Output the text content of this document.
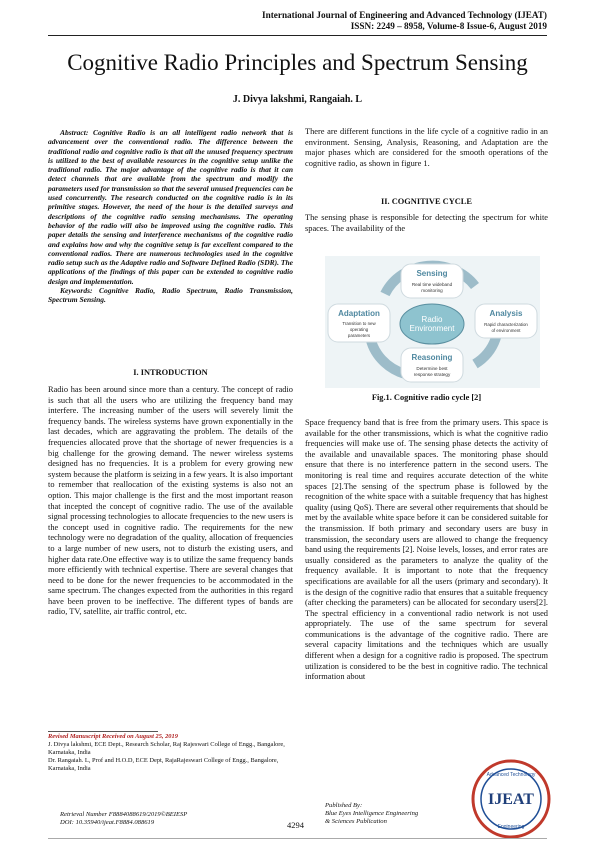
International Journal of Engineering and Advanced Technology (IJEAT)
ISSN: 2249 – 8958, Volume-8 Issue-6, August 2019
Cognitive Radio Principles and Spectrum Sensing
J. Divya lakshmi, Rangaiah. L
Abstract: Cognitive Radio is an all intelligent radio network that is advancement over the conventional radio. The difference between the traditional radio and cognitive radio is that all the unused frequency spectrum is utilized to the best of available resources in the cognitive setup unlike the traditional radio. The major advantage of the cognitive radio is that it can detect channels that are available from the spectrum and modify the parameters used for transmission so that the several unused frequencies can be used concurrently. The research conducted on the cognitive radio is in its primitive stages. However, the need of the hour is the detailed surveys and descriptions of the cognitive radio sensing mechanisms. The operating behavior of the radio will also be improved using the cognitive radio. This paper details the sensing and interference mechanisms of the cognitive radio and explains how and why the cognitive setup is far excellent compared to the conventional radios. There are numerous technologies used in the cognitive radio setup such as the Adaptive radio and Software Defined Radio (SDR). The applications of the findings of this paper can be extended to cognitive radio design and implementation.
Keywords: Cognitive Radio, Radio Spectrum, Radio Transmission, Spectrum Sensing.
I. INTRODUCTION
Radio has been around since more than a century. The concept of radio is such that all the users who are utilizing the frequency band may interfere. The increasing number of the users will severely limit the frequency bands. The wireless systems have grown exponentially in the last decades, which are aggravating the problem. The details of the frequencies allocated prove that the shortage of newer frequencies is a big challenge for the growing demand. The newer wireless systems designed has no frequencies. It is a problem for every growing new system because the platform is seizing in a few years. It is also important to remember that reallocation of the existing systems is also not an option. This major challenge is the first and the most important reason that incepted the concept of cognitive radio. The use of the available signal processing technologies to allocate frequencies to the new users is the concept used in cognitive radio. The requirements for the new technology were no degradation of the quality, allocation of frequencies to a large number of new users, not to disturb the existing users, and higher data rate.One effective way is to utilize the same frequency bands more efficiently with technical expertise. There are several changes that need to be done for the newer frequencies to be accommodated in the same spectrum. The changes expected from the authorities in this regard have been proven to be ineffective. The different types of bands are radio, TV, satellite, air traffic control, etc.
There are different functions in the life cycle of a cognitive radio in an environment. Sensing, Analysis, Reasoning, and Adaptation are the major phases which are considered for the smooth operations of the cognitive radio, as shown in figure 1.
II. COGNITIVE CYCLE
The sensing phase is responsible for detecting the spectrum for white spaces. The availability of the
Radio
Environment
Sensing
Real time wideband
monitoring
Analysis
Rapid characterization
of environment
Reasoning
Determine best
response strategy
Adaptation
Transition to new
operating
parameters
Fig.1. Cognitive radio cycle [2]
Space frequency band that is free from the primary users. This space is available for the other transmissions, which is what the cognitive radio frequencies will make use of. The sensing phase detects the activity of the available and unavailable spaces. The monitoring phase should ensure that there is no interference pattern in the second users. The monitoring is real time and requires accurate detection of the white spaces [2].The sensing of the spectrum phase is followed by the recognition of the white space with a suitable frequency that has highest quality (using QoS). There are several other requirements that should be met by the available white space before it can be considered suitable for the transmission. If both primary and secondary users are busy in transmission, the secondary users are allowed to change the frequency band using the requirements [2]. Noise levels, losses, and error rates are usually considered as the parameters to analyze the quality of the frequency available. It is important to note that the frequency specifications are available for all the users (primary and secondary). It is the design of the cognitive radio that ensures that a suitable frequency (after checking the parameters) can be allocated for secondary users[2]. The spectral efficiency in a conventional radio network is not used appropriately. The use of the same spectrum for several communications is the advantage of the cognitive radio. There are several capacity limitations and the techniques which are usually different when a design for a cognitive radio is proposed. The spectrum utilization is considered to be the best in cognitive radio. The technical information about
Revised Manuscript Received on August 25, 2019
J. Divya lakshmi, ECE Dept., Research Scholar, Raj Rajeswari College of Engg., Bangalore, Karnataka, India
Dr. Rangaiah. L, Prof and H.O.D, ECE Dept, RajaRajeswari College of Engg., Bangalore, Karnataka, India
Retrieval Number F8884088619/2019©BEIESP
DOI: 10.35940/ijeat.F8884.088619	4294
Published By:
Blue Eyes Intelligence Engineering
& Sciences Publication
IJEAT
Advanced Technology
Engineering
